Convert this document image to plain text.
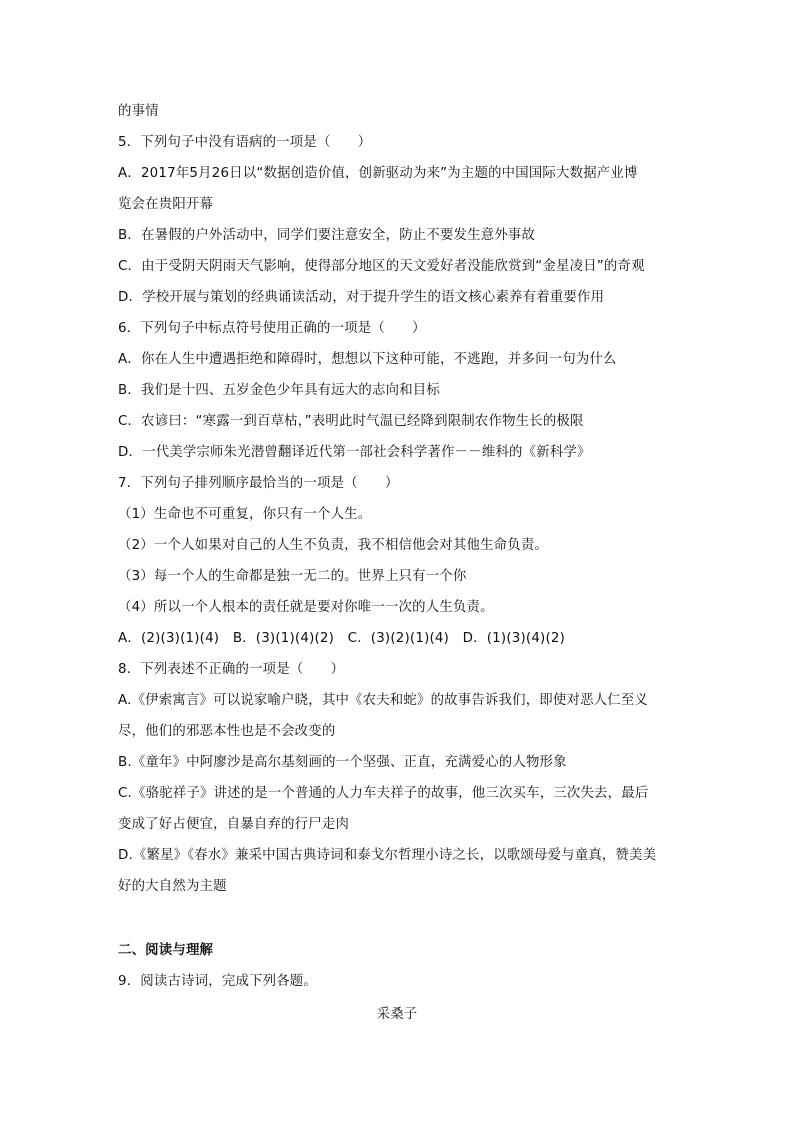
的事情
5．下列句子中没有语病的一项是（　　）
A．2017年5月26日以“数据创造价值，创新驱动为来”为主题的中国国际大数据产业博
览会在贵阳开幕
B．在暑假的户外活动中，同学们要注意安全，防止不要发生意外事故
C．由于受阴天阴雨天气影响，使得部分地区的天文爱好者没能欣赏到“金星凌日”的奇观
D．学校开展与策划的经典诵读活动，对于提升学生的语文核心素养有着重要作用
6．下列句子中标点符号使用正确的一项是（　　）
A．你在人生中遭遇拒绝和障碍时，想想以下这种可能，不逃跑，并多问一句为什么
B．我们是十四、五岁金色少年具有远大的志向和目标
C．农谚曰：“寒露一到百草枯，”表明此时气温已经降到限制农作物生长的极限
D．一代美学宗师朱光潜曾翻译近代第一部社会科学著作－－维科的《新科学》
7．下列句子排列顺序最恰当的一项是（　　）
（1）生命也不可重复，你只有一个人生。
（2）一个人如果对自己的人生不负责，我不相信他会对其他生命负责。
（3）每一个人的生命都是独一无二的。世界上只有一个你
（4）所以一个人根本的责任就是要对你唯一一次的人生负责。
A．(2)(3)(1)(4)　B．(3)(1)(4)(2)　C．(3)(2)(1)(4)　D．(1)(3)(4)(2)
8．下列表述不正确的一项是（　　）
A.《伊索寓言》可以说家喻户晓，其中《农夫和蛇》的故事告诉我们，即使对恶人仁至义
尽，他们的邪恶本性也是不会改变的
B.《童年》中阿廖沙是高尔基刻画的一个坚强、正直，充满爱心的人物形象
C.《骆驼祥子》讲述的是一个普通的人力车夫祥子的故事，他三次买车，三次失去，最后
变成了好占便宜，自暴自弃的行尸走肉
D.《繁星》《春水》兼采中国古典诗词和泰戈尔哲理小诗之长，以歌颂母爱与童真，赞美美
好的大自然为主题
二、阅读与理解
9．阅读古诗词，完成下列各题。
采桑子
